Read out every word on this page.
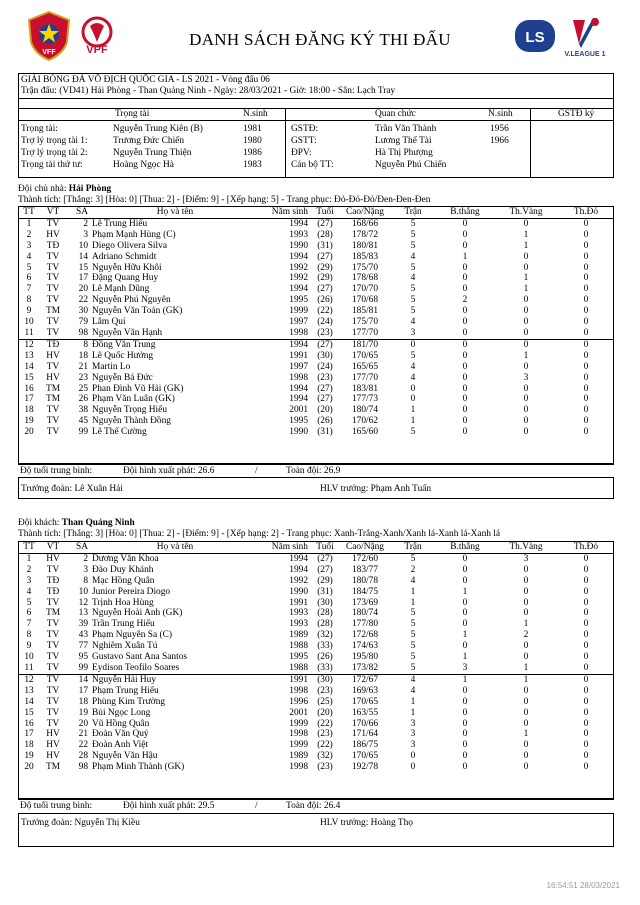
VFF	VPF
DANH SÁCH ĐĂNG KÝ THI ĐẤU	LS
V.LEAGUE 1
GIẢI BÓNG ĐÁ VÔ ĐỊCH QUỐC GIA - LS 2021 - Vòng đấu 06
Trận đấu: (VD41) Hải Phòng - Than Quảng Ninh - Ngày: 28/03/2021 - Giờ: 18:00 - Sân: Lạch Tray
Trọng tài	N.sinh	Quan chức	N.sinh	GSTĐ ký
Trọng tài:	Nguyễn Trung Kiên (B)	1981
Trợ lý trọng tài 1:	Trương Đức Chiến	1980
Trợ lý trọng tài 2:	Nguyễn Trung Thiện	1986
Trọng tài thứ tư:	Hoàng Ngọc Hà	1983
GSTĐ:	Trần Văn Thành	1956
GSTT:	Lương Thế Tài	1966
ĐPV:	Hà Thị Phượng
Cán bộ TT:	Nguyễn Phú Chiến
Đội chủ nhà: Hải Phòng
Thành tích: [Thắng: 3] [Hòa: 0] [Thua: 2] - [Điểm: 9] - [Xếp hạng: 5] - Trang phục: Đỏ-Đỏ-Đỏ/Đen-Đen-Đen
TT	VT	SA	Họ và tên	Năm sinh	Tuổi	Cao/Nặng	Trận	B.thắng	Th.Vàng	Th.Đỏ
1	TV	2	Lê Trung Hiếu	1994	(27)	168/66	5	0	0	0
2	HV	3	Phạm Mạnh Hùng (C)	1993	(28)	178/72	5	0	1	0
3	TĐ	10	Diego Olivera Silva	1990	(31)	180/81	5	0	1	0
4	TV	14	Adriano Schmidt	1994	(27)	185/83	4	1	0	0
5	TV	15	Nguyễn Hữu Khôi	1992	(29)	175/70	5	0	0	0
6	TV	17	Đặng Quang Huy	1992	(29)	178/68	4	0	1	0
7	TV	20	Lê Mạnh Dũng	1994	(27)	170/70	5	0	1	0
8	TV	22	Nguyễn Phú Nguyên	1995	(26)	170/68	5	2	0	0
9	TM	30	Nguyễn Văn Toản (GK)	1999	(22)	185/81	5	0	0	0
10	TV	79	Lâm Quí	1997	(24)	175/70	4	0	0	0
11	TV	98	Nguyễn Văn Hạnh	1998	(23)	177/70	3	0	0	0
12	TĐ	8	Đồng Văn Trung	1994	(27)	181/70	0	0	0	0
13	HV	18	Lê Quốc Hưởng	1991	(30)	170/65	5	0	1	0
14	TV	21	Martin Lo	1997	(24)	165/65	4	0	0	0
15	HV	23	Nguyễn Bá Đức	1998	(23)	177/70	4	0	3	0
16	TM	25	Phan Đình Vũ Hải (GK)	1994	(27)	183/81	0	0	0	0
17	TM	26	Phạm Văn Luân (GK)	1994	(27)	177/73	0	0	0	0
18	TV	38	Nguyễn Trọng Hiếu	2001	(20)	180/74	1	0	0	0
19	TV	45	Nguyễn Thành Đồng	1995	(26)	170/62	1	0	0	0
20	TV	99	Lê Thế Cường	1990	(31)	165/60	5	0	0	0
Độ tuổi trung bình:	Đội hình xuất phát: 26.6	/	Toàn đội: 26.9
Trưởng đoàn: Lê Xuân Hải	HLV trưởng: Phạm Anh Tuấn
Đội khách: Than Quảng Ninh
Thành tích: [Thắng: 3] [Hòa: 0] [Thua: 2] - [Điểm: 9] - [Xếp hạng: 2] - Trang phục: Xanh-Trắng-Xanh/Xanh lá-Xanh lá-Xanh lá
TT	VT	SA	Họ và tên	Năm sinh	Tuổi	Cao/Nặng	Trận	B.thắng	Th.Vàng	Th.Đỏ
1	HV	2	Dương Văn Khoa	1994	(27)	172/60	5	0	3	0
2	TV	3	Đào Duy Khánh	1994	(27)	183/77	2	0	0	0
3	TĐ	8	Mạc Hồng Quân	1992	(29)	180/78	4	0	0	0
4	TĐ	10	Junior Pereira Diogo	1990	(31)	184/75	1	1	0	0
5	TV	12	Trịnh Hoa Hùng	1991	(30)	173/69	1	0	0	0
6	TM	13	Nguyễn Hoài Anh (GK)	1993	(28)	180/74	5	0	0	0
7	TV	39	Trần Trung Hiếu	1993	(28)	177/80	5	0	1	0
8	TV	43	Phạm Nguyên Sa (C)	1989	(32)	172/68	5	1	2	0
9	TV	77	Nghiêm Xuân Tú	1988	(33)	174/63	5	0	0	0
10	TV	95	Gustavo Sant Ana Santos	1995	(26)	195/80	5	1	0	0
11	TV	99	Eydison Teofilo Soares	1988	(33)	173/82	5	3	1	0
12	TV	14	Nguyễn Hải Huy	1991	(30)	172/67	4	1	1	0
13	TV	17	Phạm Trung Hiếu	1998	(23)	169/63	4	0	0	0
14	TV	18	Phùng Kim Trường	1996	(25)	170/65	1	0	0	0
15	TV	19	Bùi Ngọc Long	2001	(20)	163/55	1	0	0	0
16	TV	20	Vũ Hồng Quân	1999	(22)	170/66	3	0	0	0
17	HV	21	Đoàn Văn Quý	1998	(23)	171/64	3	0	1	0
18	HV	22	Đoàn Anh Việt	1999	(22)	186/75	3	0	0	0
19	HV	28	Nguyễn Văn Hậu	1989	(32)	170/65	0	0	0	0
20	TM	98	Phạm Minh Thành (GK)	1998	(23)	192/78	0	0	0	0
Độ tuổi trung bình:	Đội hình xuất phát: 29.5	/	Toàn đội: 26.4
Trưởng đoàn: Nguyễn Thị Kiều	HLV trưởng: Hoàng Thọ
16:54:51 28/03/2021
